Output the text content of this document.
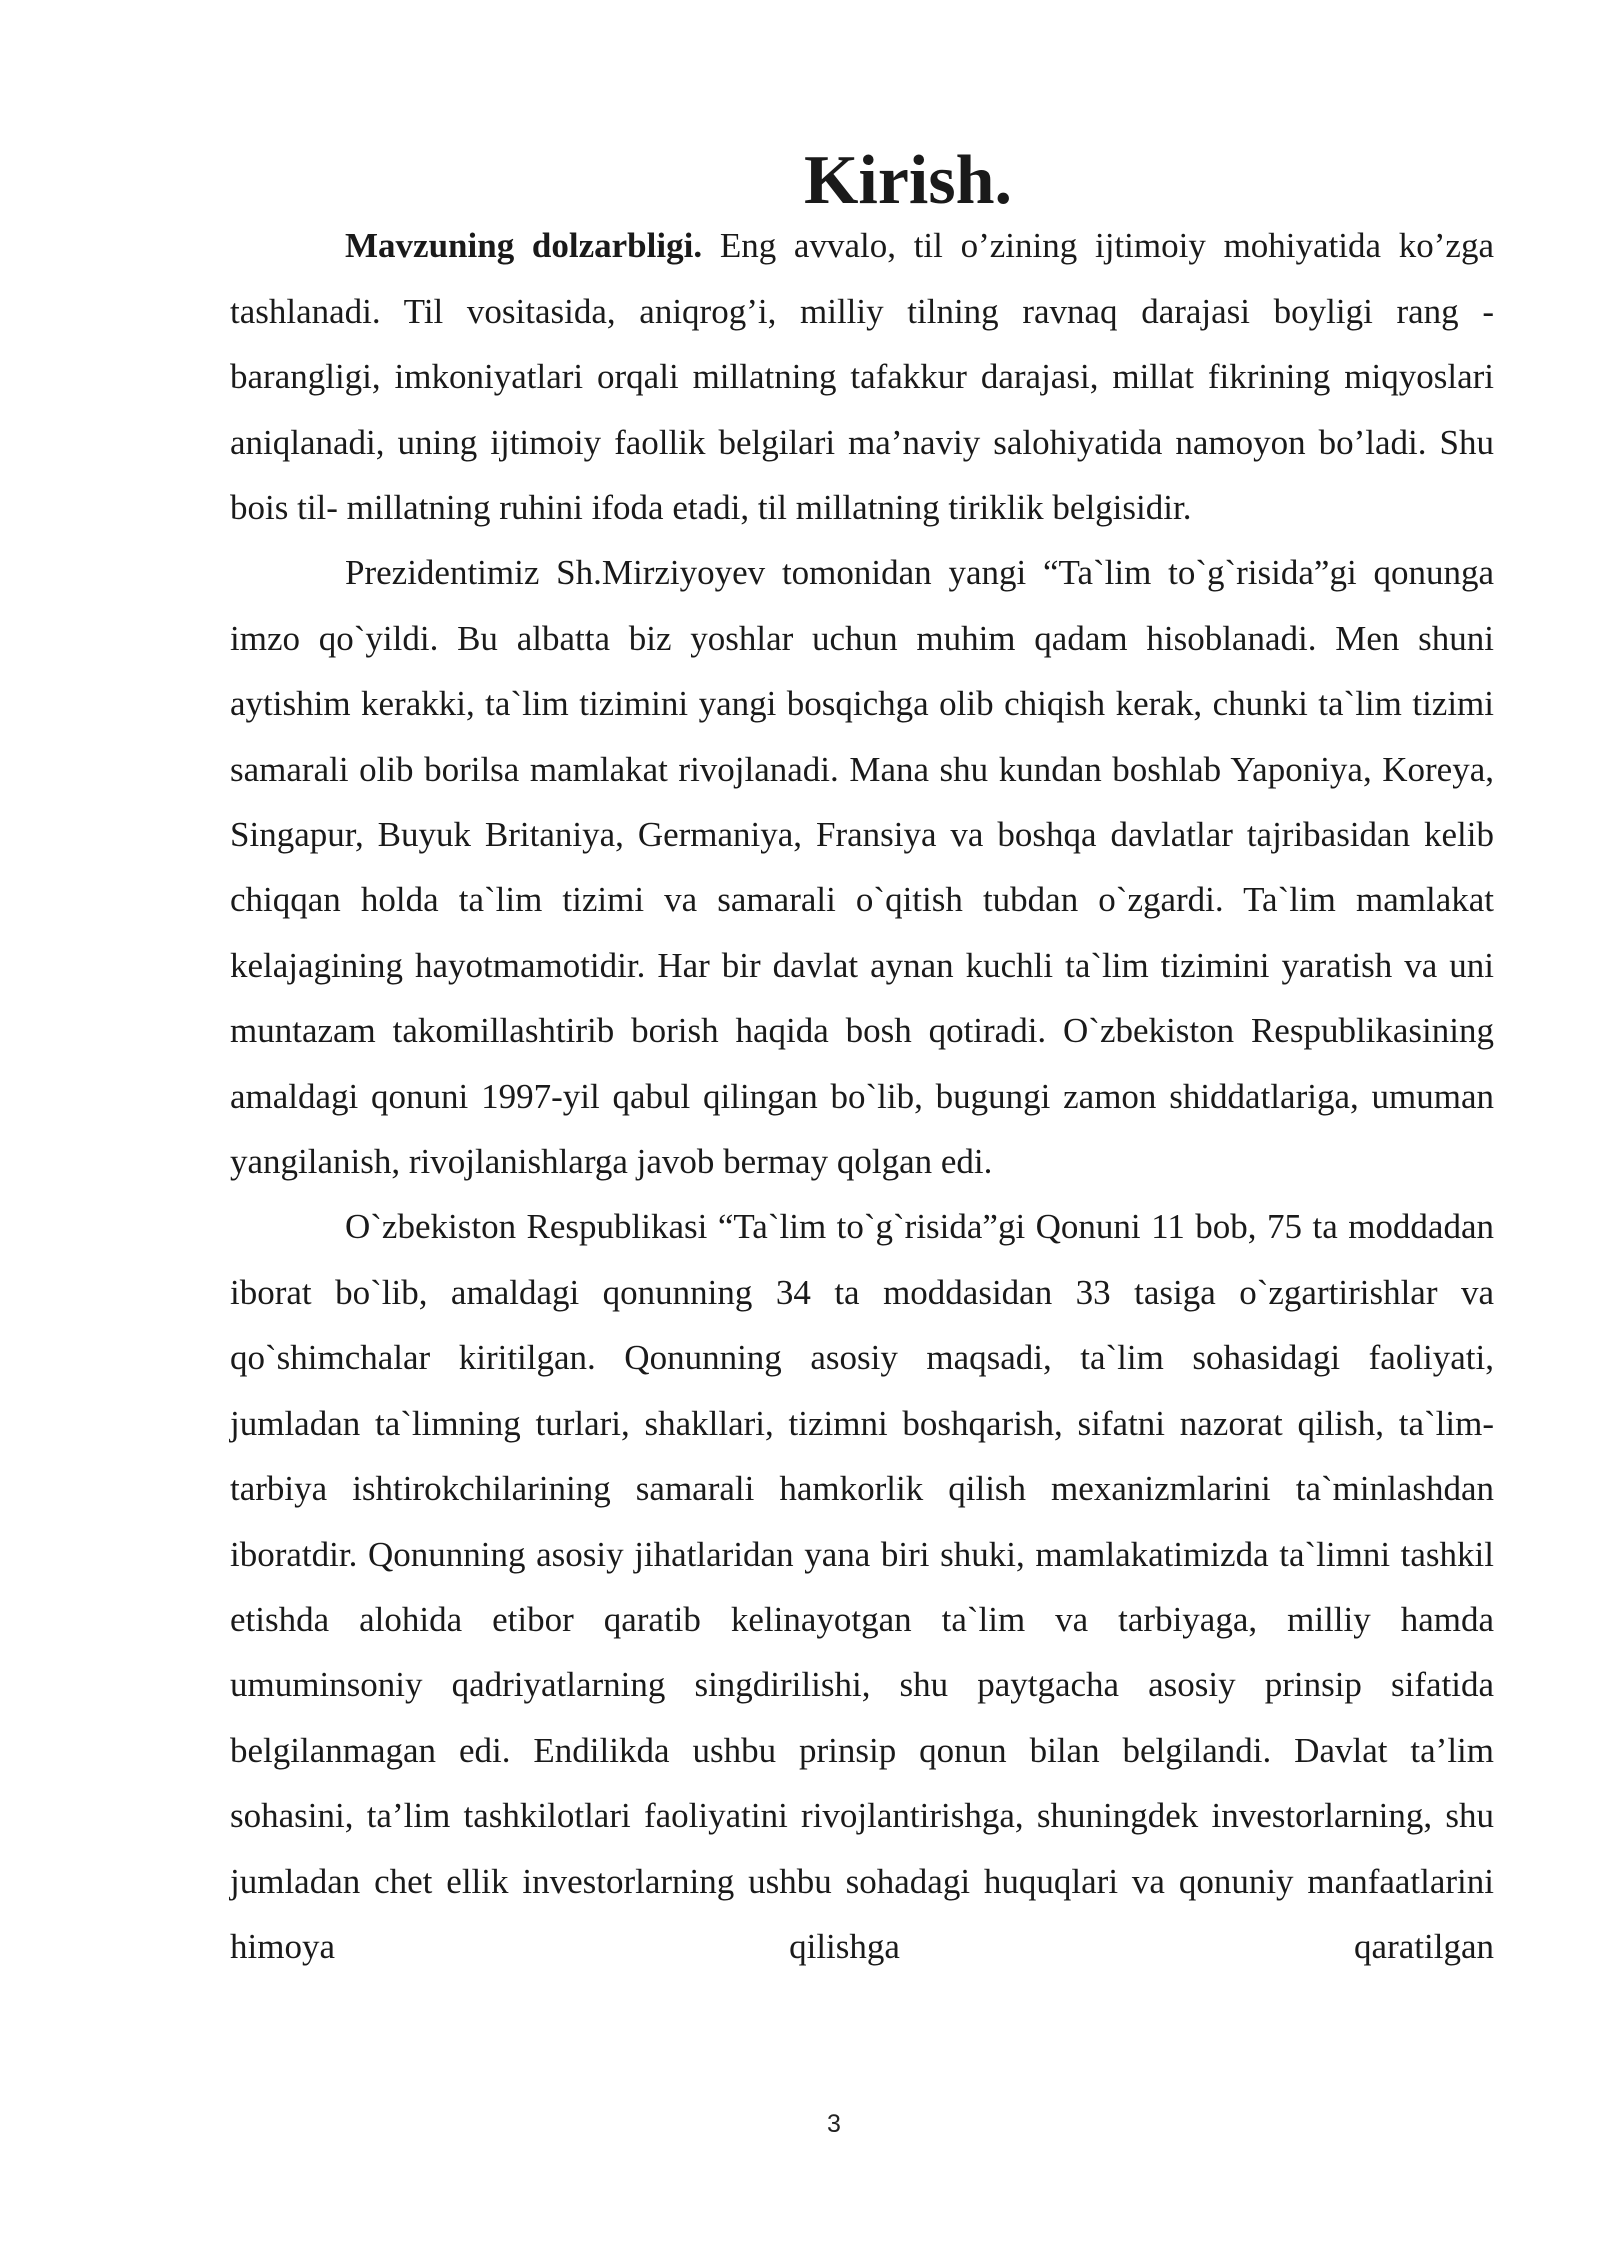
Kirish.

Mavzuning dolzarbligi. Eng avvalo, til o’zining ijtimoiy mohiyatida ko’zga tashlanadi. Til vositasida, aniqrog’i, milliy tilning ravnaq darajasi boyligi rang - barangligi, imkoniyatlari orqali millatning tafakkur darajasi, millat fikrining miqyoslari aniqlanadi, uning ijtimoiy faollik belgilari ma’naviy salohiyatida namoyon bo’ladi. Shu bois til- millatning ruhini ifoda etadi, til millatning tiriklik belgisidir.

Prezidentimiz Sh.Mirziyoyev tomonidan yangi “Ta`lim to`g`risida”gi qonunga imzo qo`yildi. Bu albatta biz yoshlar uchun muhim qadam hisoblanadi. Men shuni aytishim kerakki, ta`lim tizimini yangi bosqichga olib chiqish kerak, chunki ta`lim tizimi samarali olib borilsa mamlakat rivojlanadi. Mana shu kundan boshlab Yaponiya, Koreya, Singapur, Buyuk Britaniya, Germaniya, Fransiya va boshqa davlatlar tajribasidan kelib chiqqan holda ta`lim tizimi va samarali o`qitish tubdan o`zgardi. Ta`lim mamlakat kelajagining hayotmamotidir. Har bir davlat aynan kuchli ta`lim tizimini yaratish va uni muntazam takomillashtirib borish haqida bosh qotiradi. O`zbekiston Respublikasining amaldagi qonuni 1997-yil qabul qilingan bo`lib, bugungi zamon shiddatlariga, umuman yangilanish, rivojlanishlarga javob bermay qolgan edi.

O`zbekiston Respublikasi “Ta`lim to`g`risida”gi Qonuni 11 bob, 75 ta moddadan iborat bo`lib, amaldagi qonunning 34 ta moddasidan 33 tasiga o`zgartirishlar va qo`shimchalar kiritilgan. Qonunning asosiy maqsadi, ta`lim sohasidagi faoliyati, jumladan ta`limning turlari, shakllari, tizimni boshqarish, sifatni nazorat qilish, ta`lim-tarbiya ishtirokchilarining samarali hamkorlik qilish mexanizmlarini ta`minlashdan iboratdir. Qonunning asosiy jihatlaridan yana biri shuki, mamlakatimizda ta`limni tashkil etishda alohida etibor qaratib kelinayotgan ta`lim va tarbiyaga, milliy hamda umuminsoniy qadriyatlarning singdirilishi, shu paytgacha asosiy prinsip sifatida belgilanmagan edi. Endilikda ushbu prinsip qonun bilan belgilandi. Davlat ta’lim sohasini, ta’lim tashkilotlari faoliyatini rivojlantirishga, shuningdek investorlarning, shu jumladan chet ellik investorlarning ushbu sohadagi huquqlari va qonuniy manfaatlarini himoya qilishga qaratilgan

3
